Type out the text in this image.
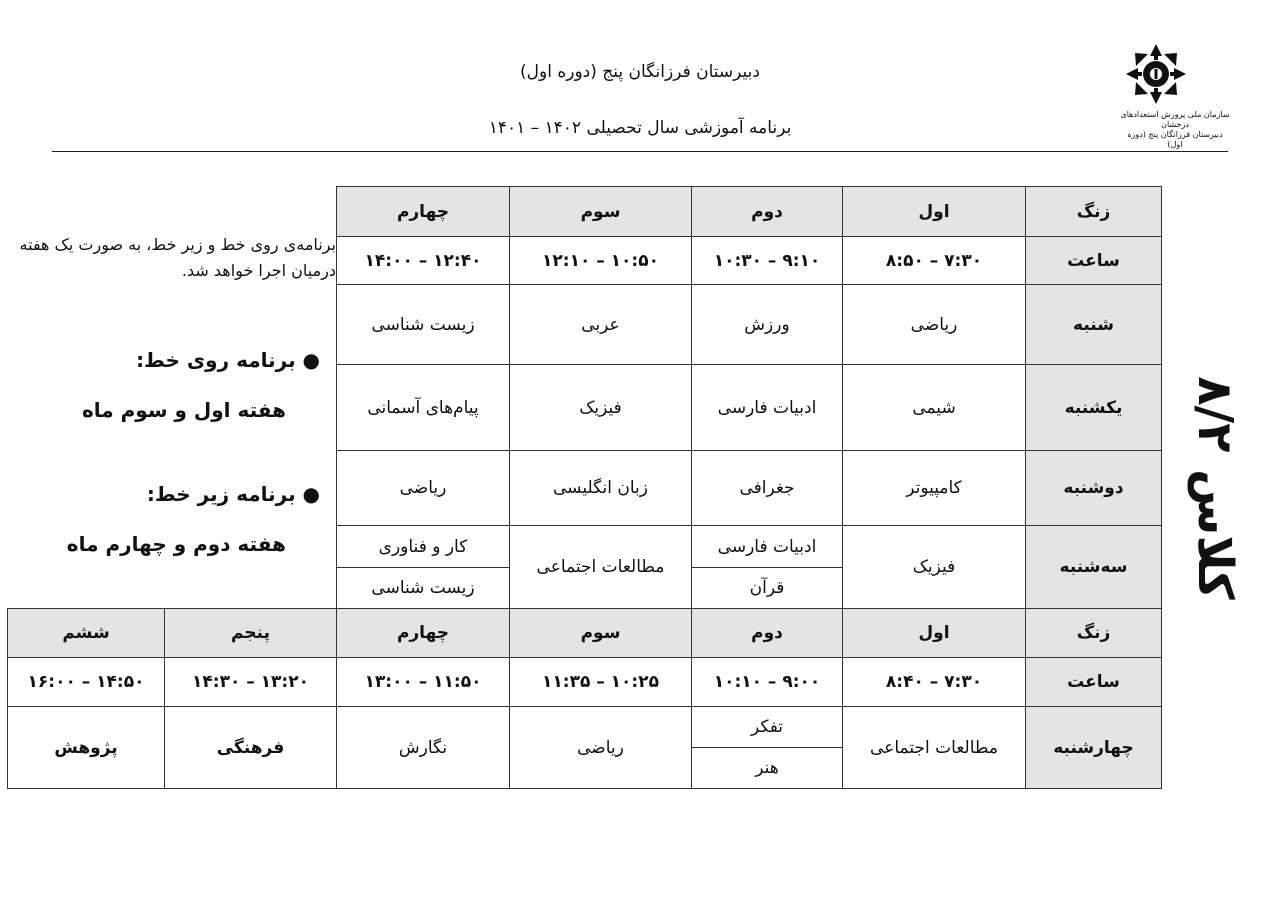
دبیرستان فرزانگان پنج (دوره اول)
برنامه آموزشی سال تحصیلی ۱۴۰۲ – ۱۴۰۱
سازمان ملی پرورش استعدادهای درخشان
دبیرستان فرزانگان پنج (دوره اول)
برنامه‌ی روی خط و زیر خط، به صورت یک هفته درمیان اجرا خواهد شد.
● برنامه روی خط:
هفته اول و سوم ماه
● برنامه زیر خط:
هفته دوم و چهارم ماه
کلاس ۸/۲
زنگ	اول	دوم	سوم	چهارم
ساعت	۷:۳۰ – ۸:۵۰	۹:۱۰ – ۱۰:۳۰	۱۰:۵۰ – ۱۲:۱۰	۱۲:۴۰ – ۱۴:۰۰
شنبه	ریاضی	ورزش	عربی	زیست شناسی
یکشنبه	شیمی	ادبیات فارسی	فیزیک	پیام‌های آسمانی
دوشنبه	کامپیوتر	جغرافی	زبان انگلیسی	ریاضی
سه‌شنبه	فیزیک	ادبیات فارسی	مطالعات اجتماعی	کار و فناوری
		قرآن		زیست شناسی
زنگ	اول	دوم	سوم	چهارم	پنجم	ششم
ساعت	۷:۳۰ – ۸:۴۰	۹:۰۰ – ۱۰:۱۰	۱۰:۲۵ – ۱۱:۳۵	۱۱:۵۰ – ۱۳:۰۰	۱۳:۲۰ – ۱۴:۳۰	۱۴:۵۰ – ۱۶:۰۰
چهارشنبه	مطالعات اجتماعی	تفکر	ریاضی	نگارش	فرهنگی	پژوهش
		هنر				
